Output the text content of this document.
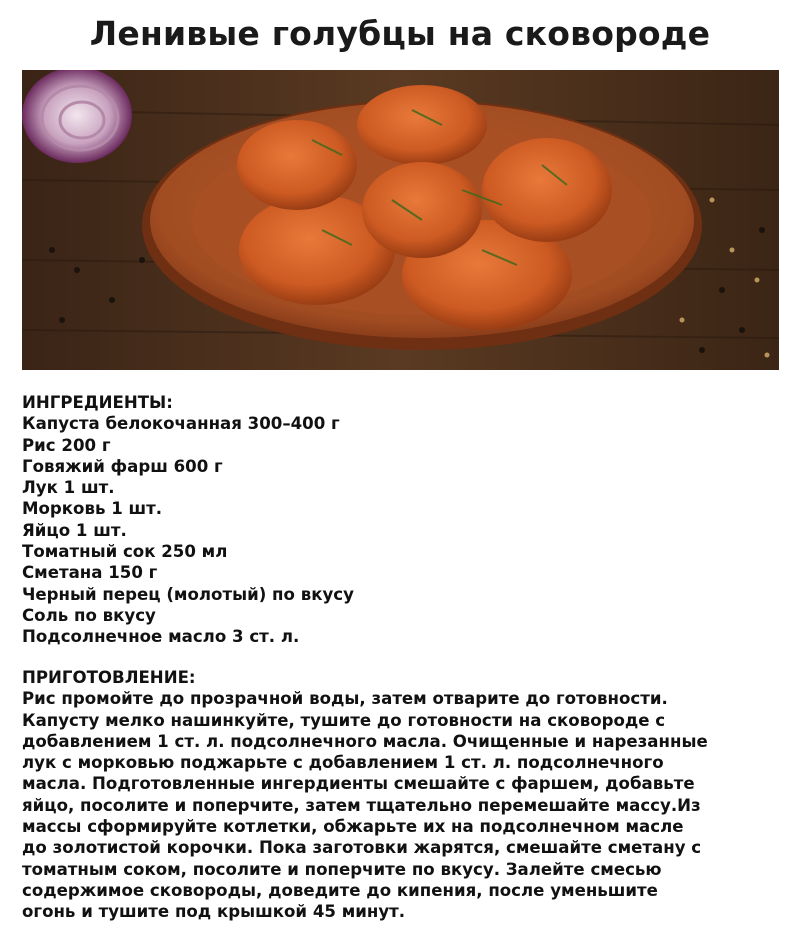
Ленивые голубцы на сковороде
ИНГРЕДИЕНТЫ:
Капуста белокочанная 300–400 г
Рис 200 г
Говяжий фарш 600 г
Лук 1 шт.
Морковь 1 шт.
Яйцо 1 шт.
Томатный сок 250 мл
Сметана 150 г
Черный перец (молотый) по вкусу
Соль по вкусу
Подсолнечное масло 3 ст. л.
ПРИГОТОВЛЕНИЕ:
Рис промойте до прозрачной воды, затем отварите до готовности.
Капусту мелко нашинкуйте, тушите до готовности на сковороде с
добавлением 1 ст. л. подсолнечного масла. Очищенные и нарезанные
лук с морковью поджарьте с добавлением 1 ст. л. подсолнечного
масла. Подготовленные ингердиенты смешайте с фаршем, добавьте
яйцо, посолите и поперчите, затем тщательно перемешайте массу.Из
массы сформируйте котлетки, обжарьте их на подсолнечном масле
до золотистой корочки. Пока заготовки жарятся, смешайте сметану с
томатным соком, посолите и поперчите по вкусу. Залейте смесью
содержимое сковороды, доведите до кипения, после уменьшите
огонь и тушите под крышкой 45 минут.
